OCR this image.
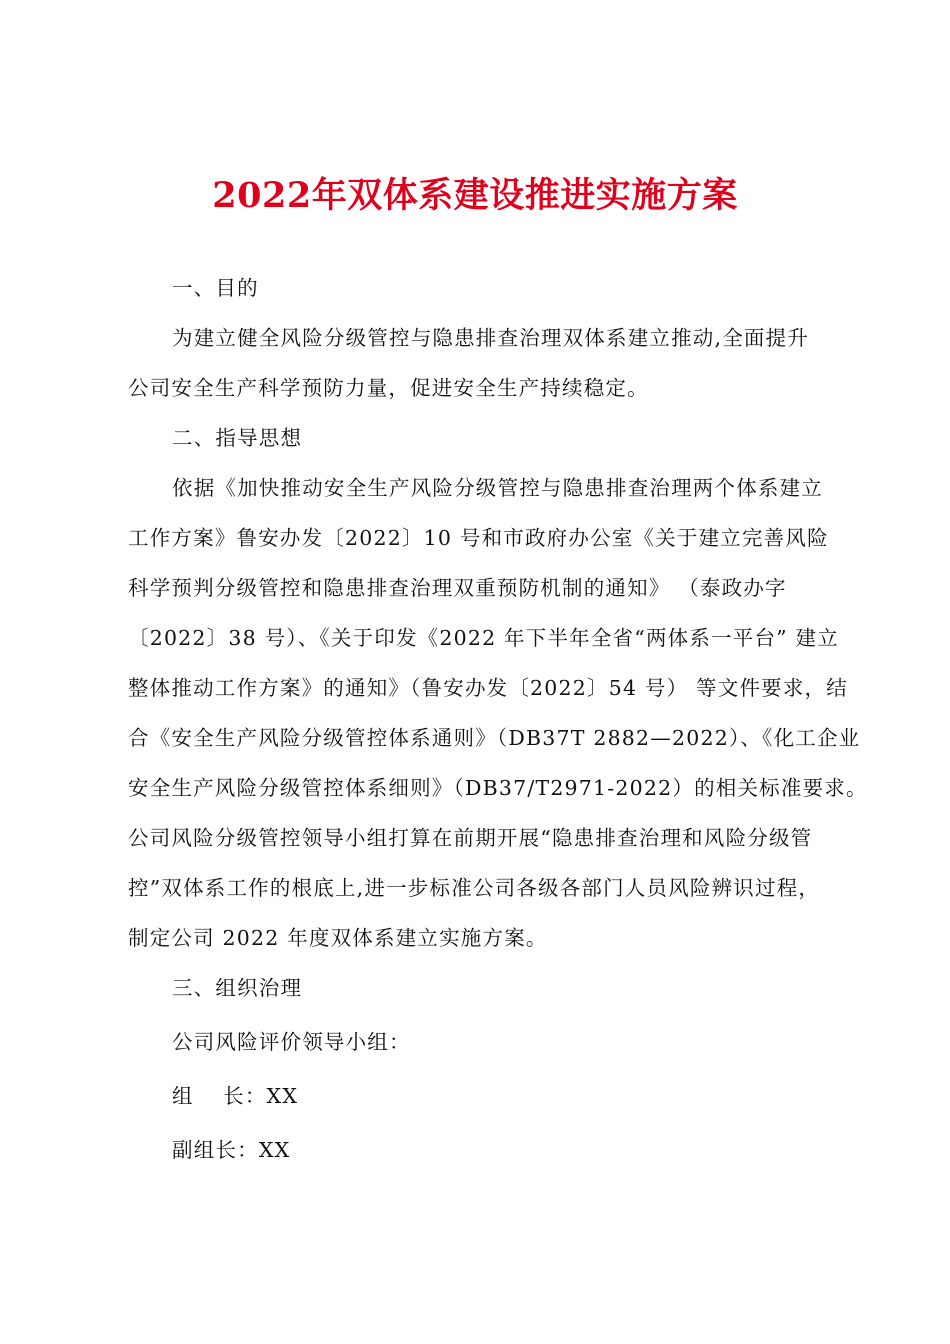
2022年双体系建设推进实施方案
一、目的
为建立健全风险分级管控与隐患排查治理双体系建立推动,全面提升
公司安全生产科学预防力量，促进安全生产持续稳定。
二、指导思想
依据《加快推动安全生产风险分级管控与隐患排查治理两个体系建立
工作方案》鲁安办发〔2022〕10 号和市政府办公室《关于建立完善风险
科学预判分级管控和隐患排查治理双重预防机制的通知》 （泰政办字
〔2022〕38 号）、《关于印发《2022 年下半年全省“两体系一平台” 建立
整体推动工作方案》的通知》（鲁安办发〔2022〕54 号） 等文件要求，结
合《安全生产风险分级管控体系通则》（DB37T 2882—2022）、《化工企业
安全生产风险分级管控体系细则》（DB37/T2971-2022）的相关标准要求。
公司风险分级管控领导小组打算在前期开展“隐患排查治理和风险分级管
控”双体系工作的根底上,进一步标准公司各级各部门人员风险辨识过程，
制定公司 2022 年度双体系建立实施方案。
三、组织治理
公司风险评价领导小组：
组　 长：XX
副组长：XX
